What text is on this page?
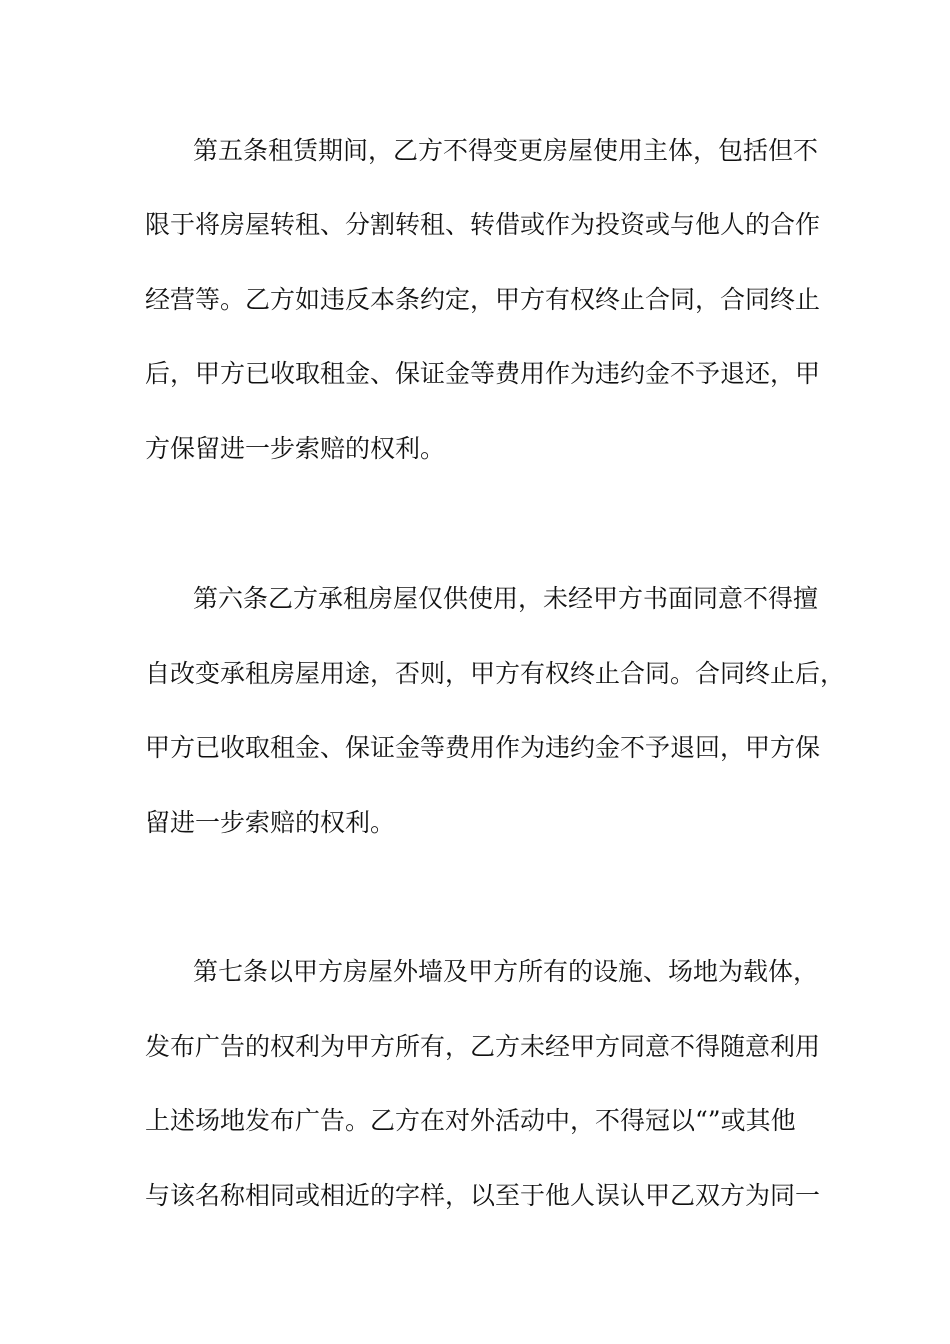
第五条租赁期间，乙方不得变更房屋使用主体，包括但不
限于将房屋转租、分割转租、转借或作为投资或与他人的合作
经营等。乙方如违反本条约定，甲方有权终止合同，合同终止
后，甲方已收取租金、保证金等费用作为违约金不予退还，甲
方保留进一步索赔的权利。
第六条乙方承租房屋仅供使用，未经甲方书面同意不得擅
自改变承租房屋用途，否则，甲方有权终止合同。合同终止后，
甲方已收取租金、保证金等费用作为违约金不予退回，甲方保
留进一步索赔的权利。
第七条以甲方房屋外墙及甲方所有的设施、场地为载体，
发布广告的权利为甲方所有，乙方未经甲方同意不得随意利用
上述场地发布广告。乙方在对外活动中，不得冠以“”或其他
与该名称相同或相近的字样，以至于他人误认甲乙双方为同一
